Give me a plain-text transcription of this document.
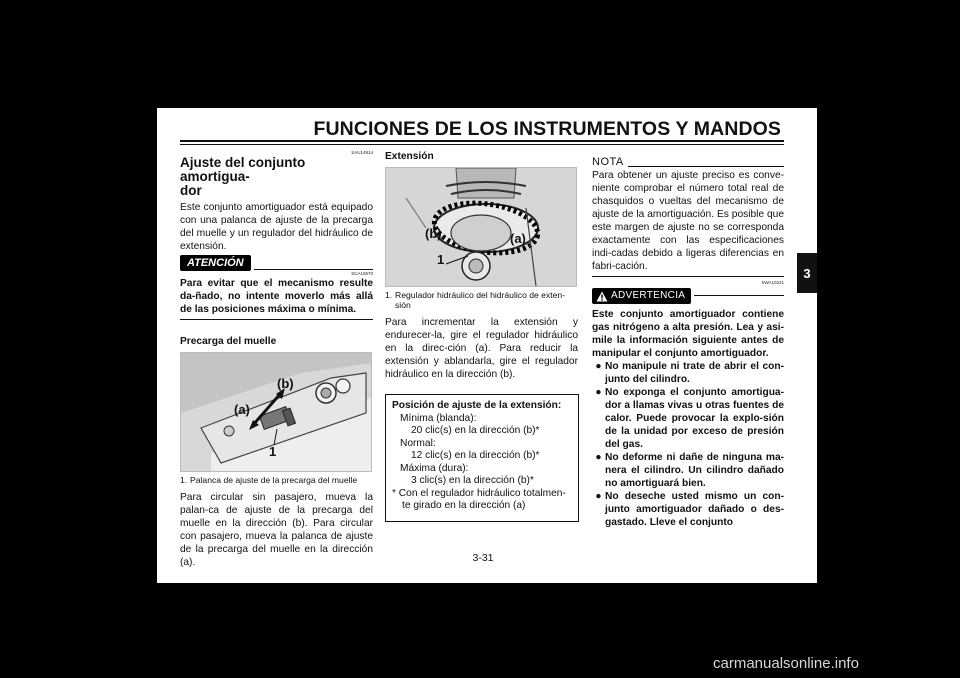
FUNCIONES DE LOS INSTRUMENTOS Y MANDOS
3
SAU14914
Ajuste del conjunto amortigua-
dor

Este conjunto amortiguador está equipado con una palanca de ajuste de la precarga del muelle y un regulador del hidráulico de extensión.

ATENCIÓN
SCA16570

Para evitar que el mecanismo resulte da-ñado, no intente moverlo más allá de las posiciones máxima o mínima.

Precarga del muelle
(a)
(b)
1
1. Palanca de ajuste de la precarga del muelle

Para circular sin pasajero, mueva la palan-ca de ajuste de la precarga del muelle en la dirección (b). Para circular con pasajero, mueva la palanca de ajuste de la precarga del muelle en la dirección (a).

Extensión
(b)	(a)
1
1. Regulador hidráulico del hidráulico de exten-sión

Para incrementar la extensión y endurecer-la, gire el regulador hidráulico en la direc-ción (a). Para reducir la extensión y ablandarla, gire el regulador hidráulico en la dirección (b).

Posición de ajuste de la extensión:
Mínima (blanda):
20 clic(s) en la dirección (b)*
Normal:
12 clic(s) en la dirección (b)*
Máxima (dura):
3 clic(s) en la dirección (b)*
* Con el regulador hidráulico totalmen-
te girado en la dirección (a)
NOTA

Para obtener un ajuste preciso es conve-niente comprobar el número total real de chasquidos o vueltas del mecanismo de ajuste de la amortiguación. Es posible que este margen de ajuste no se corresponda exactamente con las especificaciones indi-cadas debido a ligeras diferencias en fabri-cación.

SWA10221
ADVERTENCIA

Este conjunto amortiguador contiene gas nitrógeno a alta presión. Lea y asi-mile la información siguiente antes de manipular el conjunto amortiguador.

● No manipule ni trate de abrir el con-junto del cilindro.
● No exponga el conjunto amortigua-dor a llamas vivas u otras fuentes de calor. Puede provocar la explo-sión de la unidad por exceso de presión del gas.
● No deforme ni dañe de ninguna ma-nera el cilindro. Un cilindro dañado no amortiguará bien.
● No deseche usted mismo un con-junto amortiguador dañado o des-gastado. Lleve el conjunto
3-31
carmanualsonline.info
